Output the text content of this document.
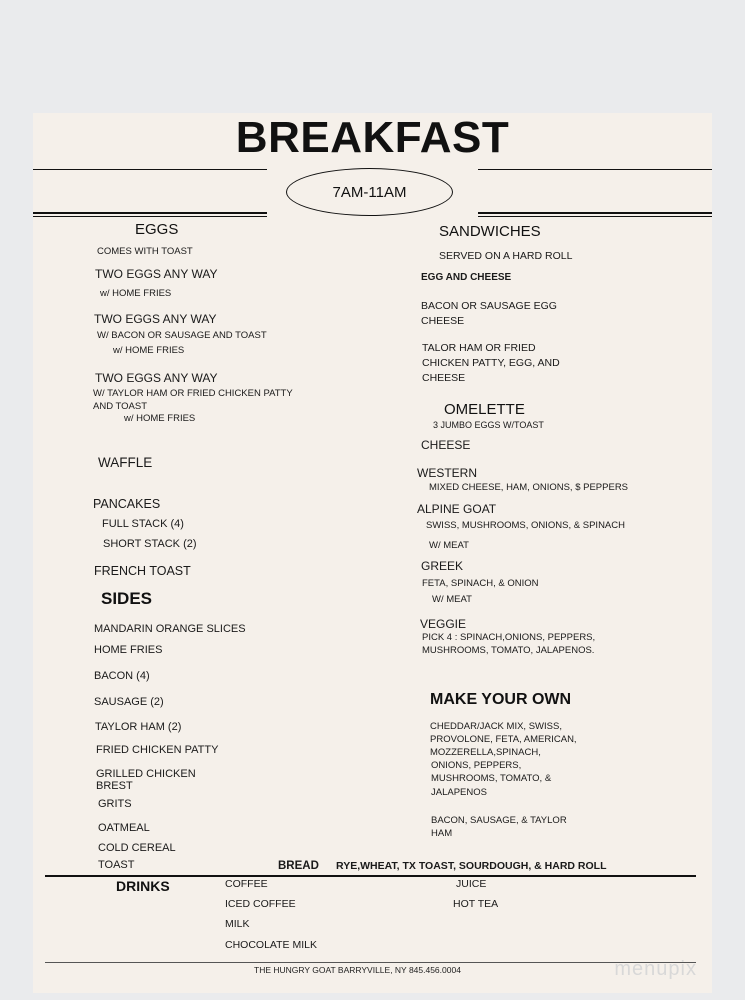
BREAKFAST
7AM-11AM
EGGS
COMES WITH TOAST
TWO EGGS ANY WAY
w/ HOME FRIES
TWO EGGS ANY WAY
W/ BACON OR SAUSAGE AND TOAST
w/ HOME FRIES
TWO EGGS ANY WAY
W/ TAYLOR HAM OR FRIED CHICKEN PATTY
AND TOAST
w/ HOME FRIES
WAFFLE
PANCAKES
FULL STACK (4)
SHORT STACK (2)
FRENCH TOAST
SIDES
MANDARIN ORANGE SLICES
HOME FRIES
BACON (4)
SAUSAGE (2)
TAYLOR HAM (2)
FRIED CHICKEN PATTY
GRILLED CHICKEN
BREST
GRITS
OATMEAL
COLD CEREAL
TOAST
SANDWICHES
SERVED ON A HARD ROLL
EGG AND CHEESE
BACON OR SAUSAGE EGG
CHEESE
TALOR HAM OR FRIED
CHICKEN PATTY, EGG, AND
CHEESE
OMELETTE
3 JUMBO EGGS W/TOAST
CHEESE
WESTERN
MIXED CHEESE, HAM, ONIONS, $ PEPPERS
ALPINE GOAT
SWISS, MUSHROOMS, ONIONS, & SPINACH
W/ MEAT
GREEK
FETA, SPINACH, & ONION
W/ MEAT
VEGGIE
PICK 4 : SPINACH,ONIONS, PEPPERS,
MUSHROOMS, TOMATO, JALAPENOS.
MAKE YOUR OWN
CHEDDAR/JACK MIX, SWISS,
PROVOLONE, FETA, AMERICAN,
MOZZERELLA,SPINACH,
ONIONS, PEPPERS,
MUSHROOMS, TOMATO, &
JALAPENOS
BACON, SAUSAGE, & TAYLOR
HAM
BREAD RYE,WHEAT, TX TOAST, SOURDOUGH, & HARD ROLL
DRINKS	COFFEE
ICED COFFEE
MILK
CHOCOLATE MILK
JUICE
HOT TEA
THE HUNGRY GOAT BARRYVILLE, NY 845.456.0004	menupix
